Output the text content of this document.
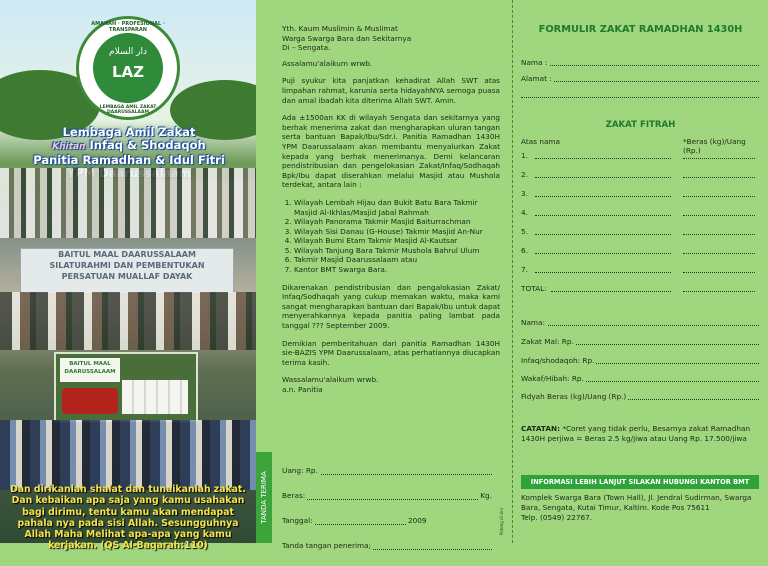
AMANAH · PROFESIONAL · TRANSPARAN
دار السلام
LAZ
LEMBAGA AMIL ZAKAT DAARUSSALAAM
Lembaga Amil Zakat
Khitan Infaq & Shodaqoh
Panitia Ramadhan & Idul Fitri
BAITUL MAAL DAARUSSALAAM
SILATURAHMI DAN PEMBENTUKAN
PERSATUAN MUALLAF DAYAK
BAITUL MAAL DAARUSSALAAM
Dan dirikanlah shalat dan tunaikanlah zakat. Dan kebaikan apa saja yang kamu usahakan bagi dirimu, tentu kamu akan mendapat pahala nya pada sisi Allah. Sesungguhnya Allah Maha Melihat apa-apa yang kamu kerjakan. (QS Al-Baqarah:110)

Yth. Kaum Muslimin & Muslimat
Warga Swarga Bara dan Sekitarnya
Di – Sengata.

Assalamu'alaikum wrwb.

Puji syukur kita panjatkan kehadirat Allah SWT atas limpahan rahmat, karunia serta hidayahNYA semoga puasa dan amal ibadah kita diterima Allah SWT. Amin.

Ada ±1500an KK di wilayah Sengata dan sekitarnya yang berhak menerima zakat dan mengharapkan uluran tangan serta bantuan Bapak/Ibu/Sdr.i. Panitia Ramadhan 1430H YPM Daarussalaam akan membantu menyalurkan Zakat kepada yang berhak menerimanya. Demi kelancaran pendistribusian dan pengelokasian Zakat/Infaq/Sodhaqah Bpk/Ibu dapat diserahkan melalui Masjid atau Mushola terdekat, antara lain :

1. Wilayah Lembah Hijau dan Bukit Batu Bara Takmir Masjid Al-Ikhlas/Masjid Jabal Rahmah
2. Wilayah Panorama Takmir Masjid Baiturrachman
3. Wilayah Sisi Danau (G-House) Takmir Masjid An-Nur
4. Wilayah Bumi Etam Takmir Masjid Al-Kautsar
5. Wilayah Tanjung Bara Takmir Mushola Bahrul Ulum
6. Takmir Masjid Daarussalaam atau
7. Kantor BMT Swarga Bara.

Dikarenakan pendistribusian dan pengalokasian Zakat/ Infaq/Sodhaqah yang cukup memakan waktu, maka kami sangat mengharapkan bantuan dari Bapak/Ibu untuk dapat menyerahkannya kepada panitia paling lambat pada tanggal ??? September 2009.

Demikian pemberitahuan dari panitia Ramadhan 1430H sie-BAZIS YPM Daarussalaam, atas perhatiannya diucapkan terima kasih.

Wassalamu'alaikum wrwb.
a.n. Panitia

TANDA TERIMA
Uang: Rp.
Beras:	Kg.
Tanggal:	2009
Tanda tangan penerima;
Potong di sini
FORMULIR ZAKAT RAMADHAN 1430H
Nama :
Alamat :
ZAKAT FITRAH
Atas nama	*Beras (kg)/Uang (Rp.)
1.
2.
3.
4.
5.
6.
7.
TOTAL:
Nama:
Zakat Mal: Rp.
Infaq/shodaqoh: Rp.
Wakaf/Hibah: Rp.
Fidyah Beras (kg)/Uang (Rp.)
CATATAN: *Coret yang tidak perlu, Besarnya zakat Ramadhan 1430H perjiwa = Beras 2.5 kg/jiwa atau Uang Rp. 17.500/jiwa
INFORMASI LEBIH LANJUT SILAKAN HUBUNGI KANTOR BMT
Komplek Swarga Bara (Town Hall), Jl. Jendral Sudirman, Swarga Bara, Sengata, Kutai Timur, Kaltim. Kode Pos 75611
Telp. (0549) 22767.
